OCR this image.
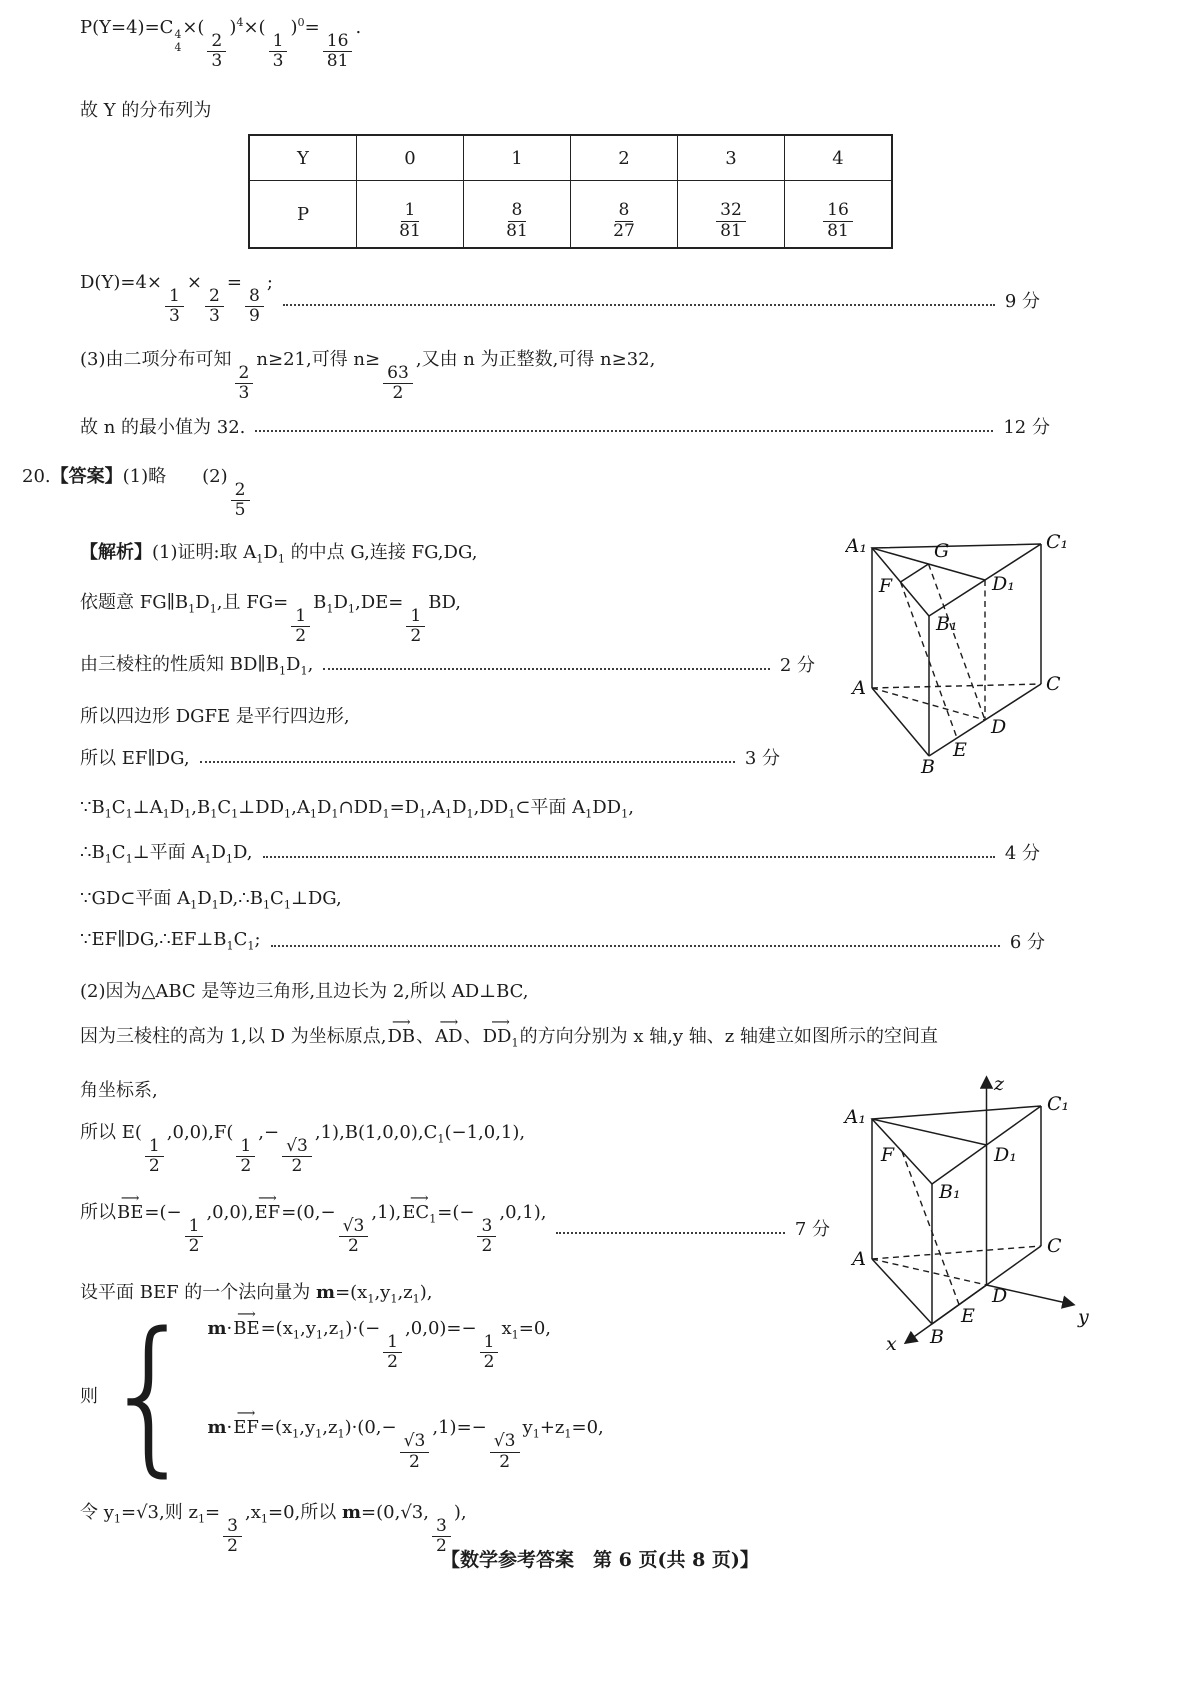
P(Y=4)=C 4
4
×(
$\frac{2}{3}$
)$^4$×(
$\frac{1}{3}$
)$^0$=
$\frac{16}{81}$
.
故 Y 的分布列为
D(Y)=4×
$\frac{1}{3}$
×
$\frac{2}{3}$
=
$\frac{8}{9}$
;
9 分
(3)由二项分布可知
$\frac{2}{3}$
n≥21,可得 n≥
$\frac{63}{2}$
,又由 n 为正整数,可得 n≥32,
故 n 的最小值为 32.	12 分
20.【答案】(1)略　　(2)
$\frac{2}{5}$
【解析】(1)证明:取 $A_1D_1$ 的中点 G,连接 FG,DG,
依题意 $FG\parallel B_1D_1$,且 FG=
$\frac{1}{2}$
$B_1D_1,DE=$
$\frac{1}{2}$
BD,
由三棱柱的性质知 $BD\parallel B_1D_1$,	2 分
所以四边形 DGFE 是平行四边形,
所以 EF∥DG,	3 分
$\because B_1C_1\perp A_1D_1,B_1C_1\perp DD_1,A_1D_1\cap DD_1=D_1,A_1D_1,DD_1\subset$平面 $A_1DD_1$,
$\therefore B_1C_1\perp$平面 $A_1D_1D$,	4 分
∵GD⊂平面 $A_1D_1D,\therefore B_1C_1\perp DG$,
$\because EF\parallel DG,\therefore EF\perp B_1C_1$;	6 分
(2)因为△ABC 是等边三角形,且边长为 2,所以 AD⊥BC,
因为三棱柱的高为 1,以 D 为坐标原点,⟶ DB、⟶ AD、⟶ $DD_1$的方向分别为 x 轴,y 轴、z 轴建立如图所示的空间直
角坐标系,
所以 E(
$\frac{1}{2}$
,0,0),F(
$\frac{1}{2}$
,−
$\frac{√3}{2}$
$,1),B(1,0,0),C_1(-1,0,1)$,
所以⟶ BE=(−
$\frac{1}{2}$
,0,0),⟶ EF=(0,−
$\frac{√3}{2}$
,1),⟶ $EC_1=(-$
$\frac{3}{2}$
,0,1),
7 分
设平面 BEF 的一个法向量为 $m=(x_1,y_1,z_1)$,
令 $y_1=√3$,则 $z_1=$
$\frac{3}{2}$
$,x_1=0$,所以 m=(0,√3,
$\frac{3}{2}$
),
Y	0	1	2	3	4
P	$\frac{1}{81}$	$\frac{8}{81}$	$\frac{8}{27}$	$\frac{32}{81}$	$\frac{16}{81}$
则 { m·⟶ $BE=(x_1,y_1,z_1)\cdot(-$
$\frac{1}{2}$
,0,0)=−
$\frac{1}{2}$
$x_1=0$,
m·⟶ $EF=(x_1,y_1,z_1)\cdot(0,-$
$\frac{√3}{2}$
,1)=−
$\frac{√3}{2}$
$y_1+z_1=0$,
A₁	C₁
G
F	D₁
B₁
A	C
D
E
B
A₁
C₁
F	D₁
B₁
A
C
D
E
B
z
x
y
【数学参考答案　第 6 页(共 8 页)】
